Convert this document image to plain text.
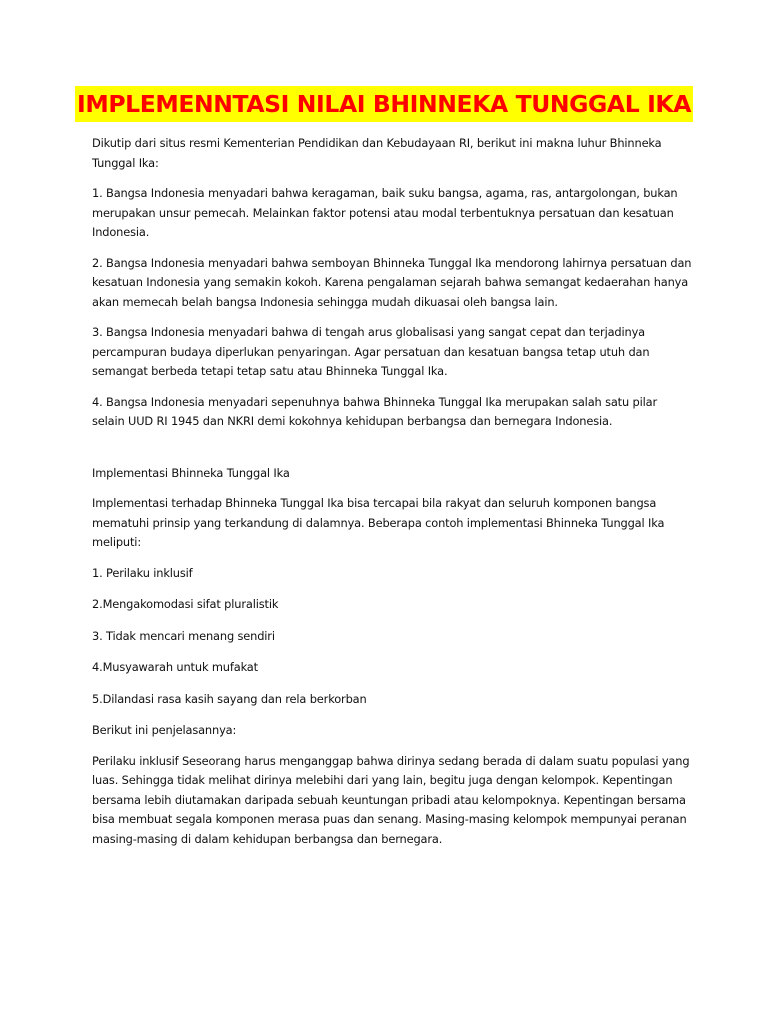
IMPLEMENNTASI NILAI BHINNEKA TUNGGAL IKA

Dikutip dari situs resmi Kementerian Pendidikan dan Kebudayaan RI, berikut ini makna luhur Bhinneka Tunggal Ika:

1. Bangsa Indonesia menyadari bahwa keragaman, baik suku bangsa, agama, ras, antargolongan, bukan merupakan unsur pemecah. Melainkan faktor potensi atau modal terbentuknya persatuan dan kesatuan Indonesia.

2. Bangsa Indonesia menyadari bahwa semboyan Bhinneka Tunggal Ika mendorong lahirnya persatuan dan kesatuan Indonesia yang semakin kokoh. Karena pengalaman sejarah bahwa semangat kedaerahan hanya akan memecah belah bangsa Indonesia sehingga mudah dikuasai oleh bangsa lain.

3. Bangsa Indonesia menyadari bahwa di tengah arus globalisasi yang sangat cepat dan terjadinya percampuran budaya diperlukan penyaringan. Agar persatuan dan kesatuan bangsa tetap utuh dan semangat berbeda tetapi tetap satu atau Bhinneka Tunggal Ika.

4. Bangsa Indonesia menyadari sepenuhnya bahwa Bhinneka Tunggal Ika merupakan salah satu pilar selain UUD RI 1945 dan NKRI demi kokohnya kehidupan berbangsa dan bernegara Indonesia.

Implementasi Bhinneka Tunggal Ika

Implementasi terhadap Bhinneka Tunggal Ika bisa tercapai bila rakyat dan seluruh komponen bangsa mematuhi prinsip yang terkandung di dalamnya. Beberapa contoh implementasi Bhinneka Tunggal Ika meliputi:

1. Perilaku inklusif

2.Mengakomodasi sifat pluralistik

3. Tidak mencari menang sendiri

4.Musyawarah untuk mufakat

5.Dilandasi rasa kasih sayang dan rela berkorban

Berikut ini penjelasannya:

Perilaku inklusif Seseorang harus menganggap bahwa dirinya sedang berada di dalam suatu populasi yang luas. Sehingga tidak melihat dirinya melebihi dari yang lain, begitu juga dengan kelompok. Kepentingan bersama lebih diutamakan daripada sebuah keuntungan pribadi atau kelompoknya. Kepentingan bersama bisa membuat segala komponen merasa puas dan senang. Masing-masing kelompok mempunyai peranan masing-masing di dalam kehidupan berbangsa dan bernegara.
